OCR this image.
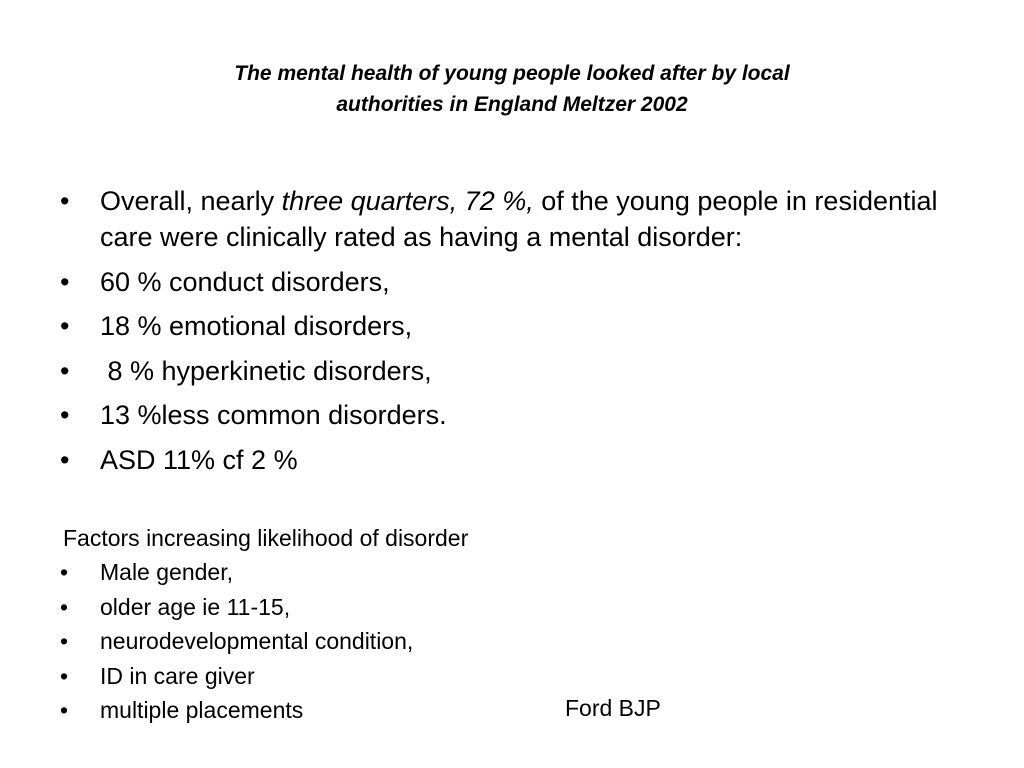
The mental health of young people looked after by local
authorities in England Meltzer 2002
• Overall, nearly three quarters, 72 %, of the young people in residential care were clinically rated as having a mental disorder:
• 60 % conduct disorders,
• 18 % emotional disorders,
• 8 % hyperkinetic disorders,
• 13 %less common disorders.
• ASD 11% cf 2 %

Factors increasing likelihood of disorder

• Male gender,
• older age ie 11-15,
• neurodevelopmental condition,
• ID in care giver
• multiple placements	Ford BJP
